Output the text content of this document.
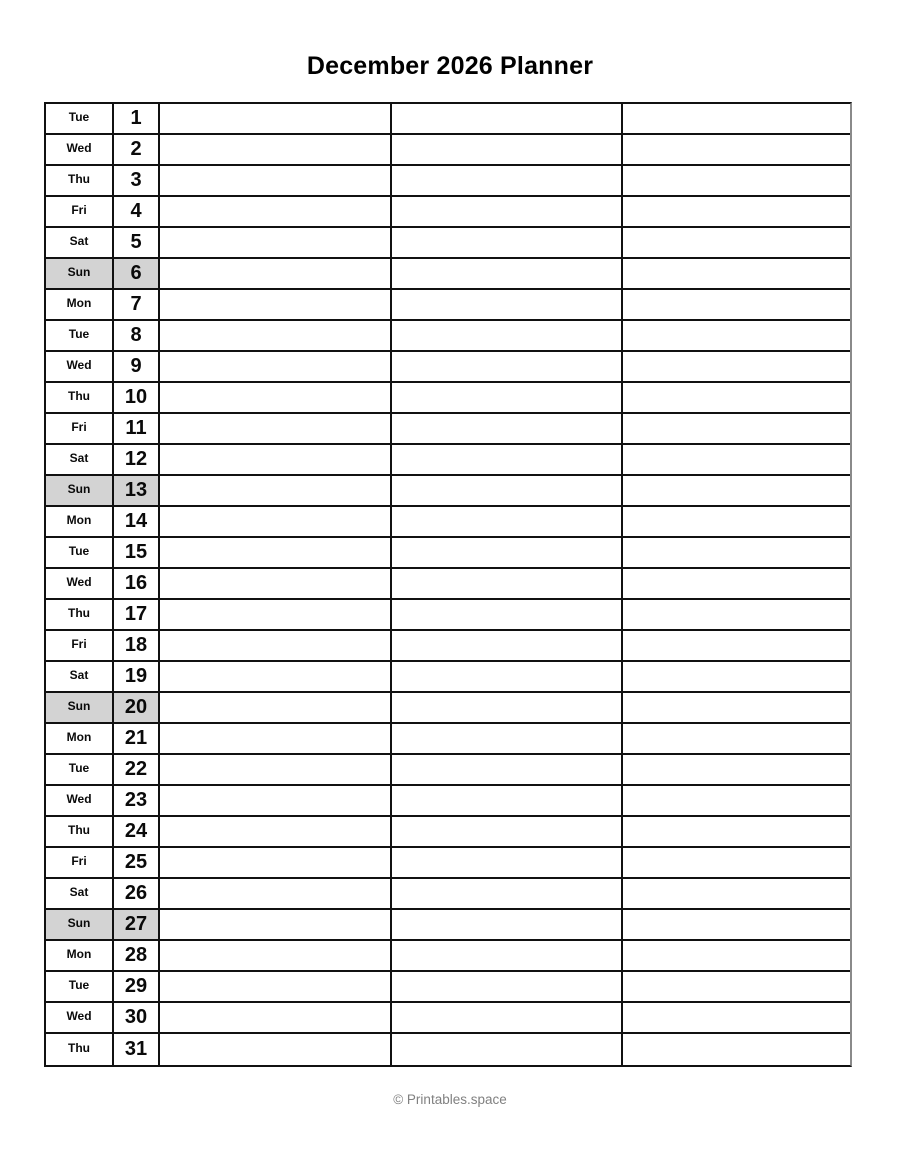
December 2026 Planner
Tue	1
Wed	2
Thu	3
Fri	4
Sat	5
Sun	6
Mon	7
Tue	8
Wed	9
Thu	10
Fri	11
Sat	12
Sun	13
Mon	14
Tue	15
Wed	16
Thu	17
Fri	18
Sat	19
Sun	20
Mon	21
Tue	22
Wed	23
Thu	24
Fri	25
Sat	26
Sun	27
Mon	28
Tue	29
Wed	30
Thu	31
© Printables.space
